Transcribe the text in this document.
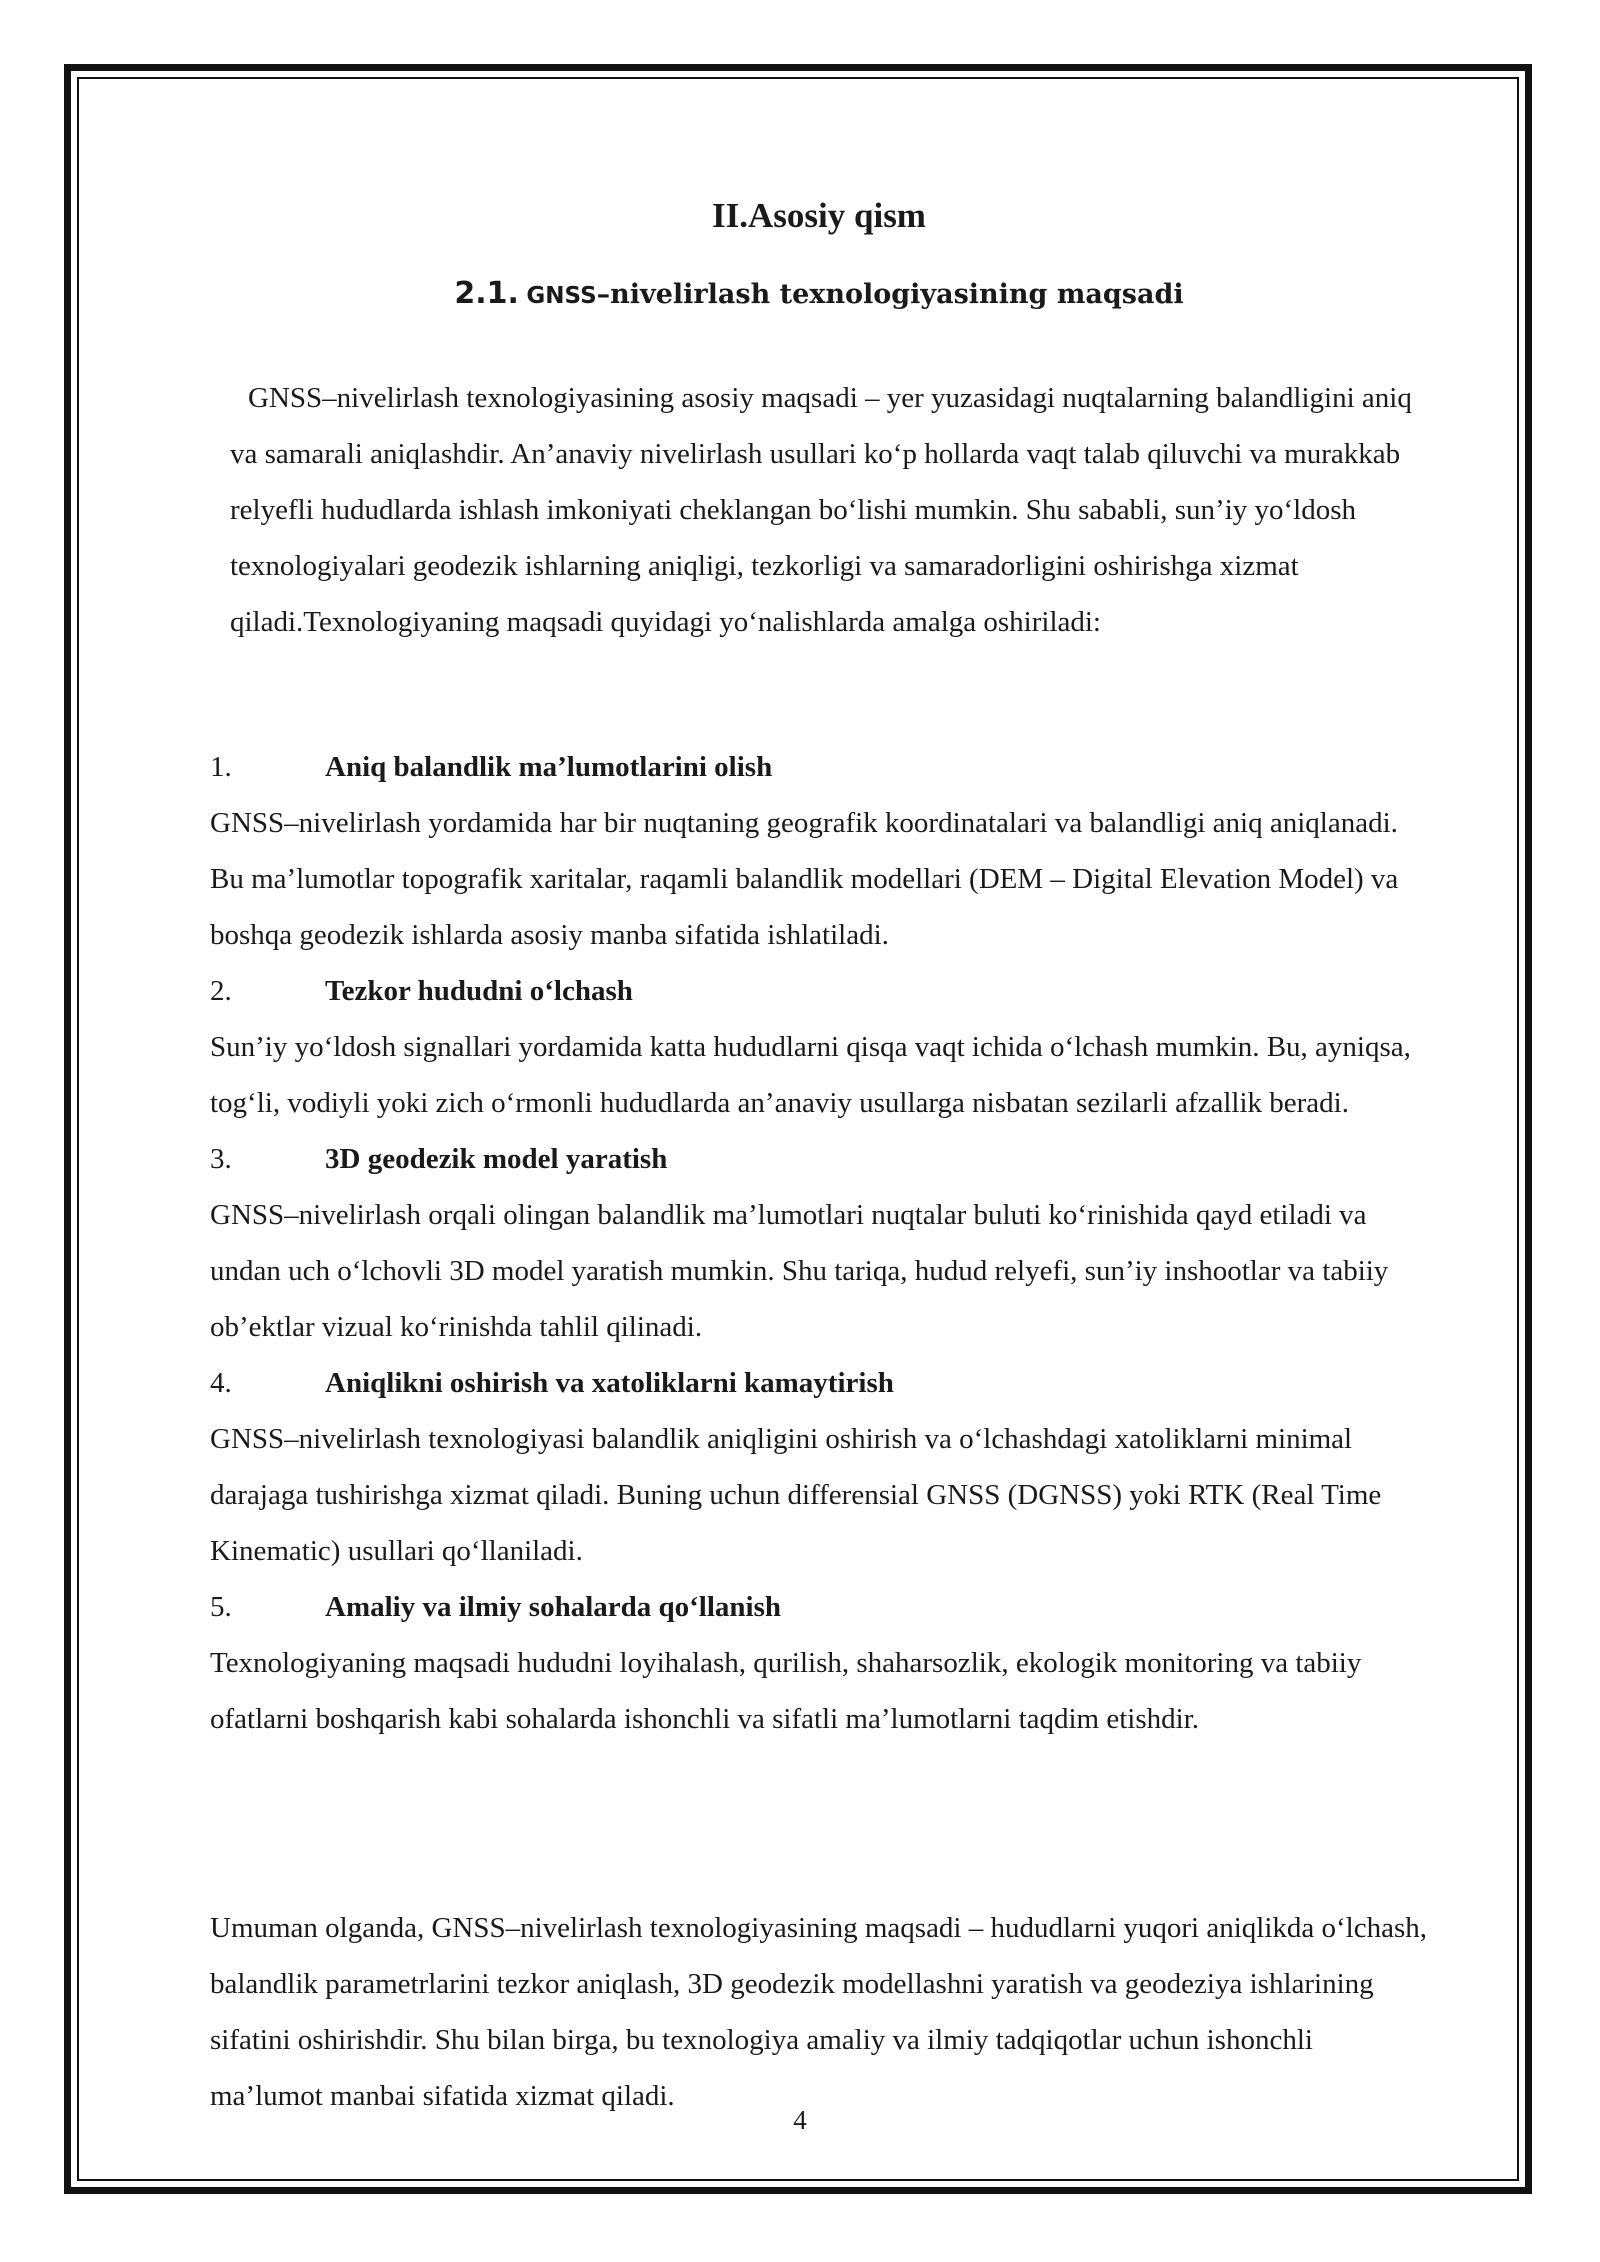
II.Asosiy qism
2.1. GNSS–nivelirlash texnologiyasining maqsadi

GNSS–nivelirlash texnologiyasining asosiy maqsadi – yer yuzasidagi nuqtalarning balandligini aniq va samarali aniqlashdir. An’anaviy nivelirlash usullari ko‘p hollarda vaqt talab qiluvchi va murakkab relyefli hududlarda ishlash imkoniyati cheklangan bo‘lishi mumkin. Shu sababli, sun’iy yo‘ldosh texnologiyalari geodezik ishlarning aniqligi, tezkorligi va samaradorligini oshirishga xizmat qiladi.Texnologiyaning maqsadi quyidagi yo‘nalishlarda amalga oshiriladi:

1.	Aniq balandlik ma’lumotlarini olish

GNSS–nivelirlash yordamida har bir nuqtaning geografik koordinatalari va balandligi aniq aniqlanadi. Bu ma’lumotlar topografik xaritalar, raqamli balandlik modellari (DEM – Digital Elevation Model) va boshqa geodezik ishlarda asosiy manba sifatida ishlatiladi.

2.	Tezkor hududni o‘lchash

Sun’iy yo‘ldosh signallari yordamida katta hududlarni qisqa vaqt ichida o‘lchash mumkin. Bu, ayniqsa, tog‘li, vodiyli yoki zich o‘rmonli hududlarda an’anaviy usullarga nisbatan sezilarli afzallik beradi.

3.	3D geodezik model yaratish

GNSS–nivelirlash orqali olingan balandlik ma’lumotlari nuqtalar buluti ko‘rinishida qayd etiladi va undan uch o‘lchovli 3D model yaratish mumkin. Shu tariqa, hudud relyefi, sun’iy inshootlar va tabiiy ob’ektlar vizual ko‘rinishda tahlil qilinadi.

4.	Aniqlikni oshirish va xatoliklarni kamaytirish

GNSS–nivelirlash texnologiyasi balandlik aniqligini oshirish va o‘lchashdagi xatoliklarni minimal darajaga tushirishga xizmat qiladi. Buning uchun differensial GNSS (DGNSS) yoki RTK (Real Time Kinematic) usullari qo‘llaniladi.

5.	Amaliy va ilmiy sohalarda qo‘llanish

Texnologiyaning maqsadi hududni loyihalash, qurilish, shaharsozlik, ekologik monitoring va tabiiy ofatlarni boshqarish kabi sohalarda ishonchli va sifatli ma’lumotlarni taqdim etishdir.

Umuman olganda, GNSS–nivelirlash texnologiyasining maqsadi – hududlarni yuqori aniqlikda o‘lchash, balandlik parametrlarini tezkor aniqlash, 3D geodezik modellashni yaratish va geodeziya ishlarining sifatini oshirishdir. Shu bilan birga, bu texnologiya amaliy va ilmiy tadqiqotlar uchun ishonchli ma’lumot manbai sifatida xizmat qiladi.

4
